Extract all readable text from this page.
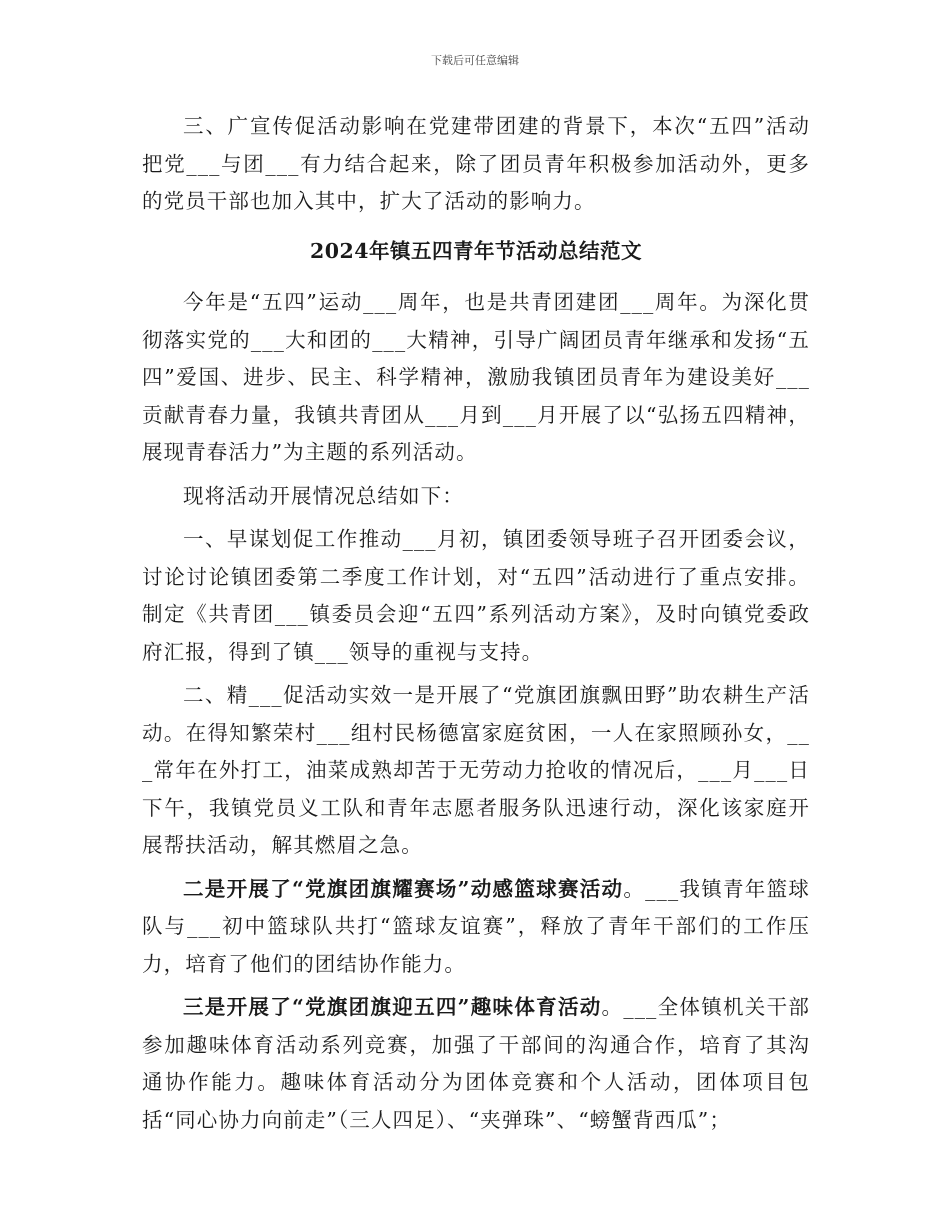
下载后可任意编辑

三、广宣传促活动影响在党建带团建的背景下，本次“五四”活动把党___与团___有力结合起来，除了团员青年积极参加活动外，更多的党员干部也加入其中，扩大了活动的影响力。

2024年镇五四青年节活动总结范文

今年是“五四”运动___周年，也是共青团建团___周年。为深化贯彻落实党的___大和团的___大精神，引导广阔团员青年继承和发扬“五四”爱国、进步、民主、科学精神，激励我镇团员青年为建设美好___贡献青春力量，我镇共青团从___月到___月开展了以“弘扬五四精神，展现青春活力”为主题的系列活动。

现将活动开展情况总结如下：

一、早谋划促工作推动___月初，镇团委领导班子召开团委会议，讨论讨论镇团委第二季度工作计划，对“五四”活动进行了重点安排。制定《共青团___镇委员会迎“五四”系列活动方案》，及时向镇党委政府汇报，得到了镇___领导的重视与支持。

二、精___促活动实效一是开展了“党旗团旗飘田野”助农耕生产活动。在得知繁荣村___组村民杨德富家庭贫困，一人在家照顾孙女，___常年在外打工，油菜成熟却苦于无劳动力抢收的情况后，___月___日下午，我镇党员义工队和青年志愿者服务队迅速行动，深化该家庭开展帮扶活动，解其燃眉之急。

二是开展了“党旗团旗耀赛场”动感篮球赛活动。___我镇青年篮球队与___初中篮球队共打“篮球友谊赛”，释放了青年干部们的工作压力，培育了他们的团结协作能力。

三是开展了“党旗团旗迎五四”趣味体育活动。___全体镇机关干部参加趣味体育活动系列竞赛，加强了干部间的沟通合作，培育了其沟通协作能力。趣味体育活动分为团体竞赛和个人活动，团体项目包括“同心协力向前走”（三人四足）、“夹弹珠”、“螃蟹背西瓜”；
